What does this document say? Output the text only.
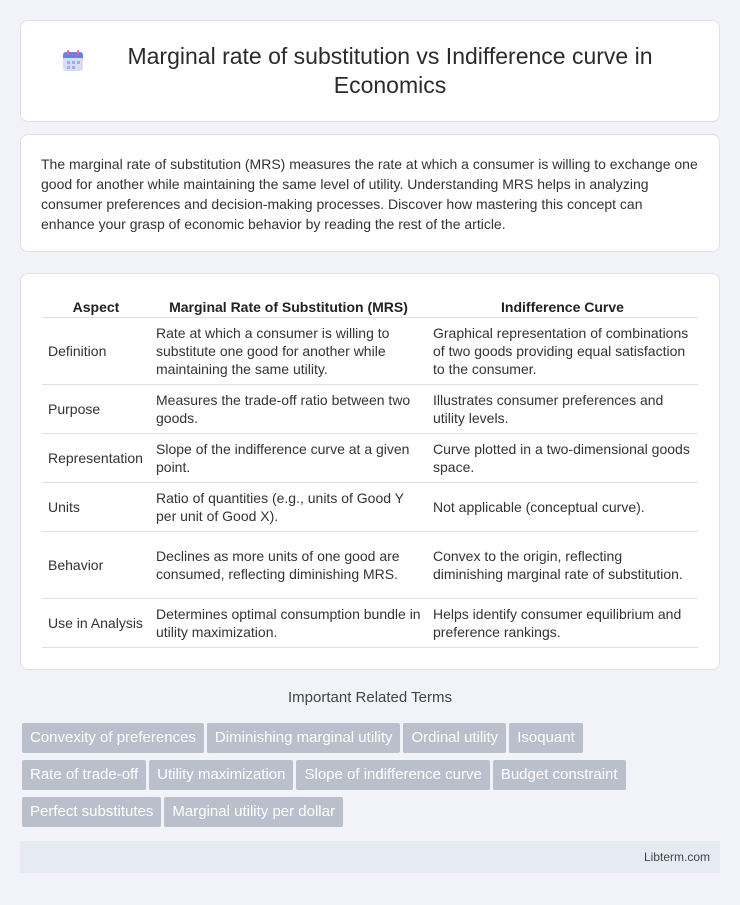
Marginal rate of substitution vs Indifference curve in Economics

The marginal rate of substitution (MRS) measures the rate at which a consumer is willing to exchange one good for another while maintaining the same level of utility. Understanding MRS helps in analyzing consumer preferences and decision-making processes. Discover how mastering this concept can enhance your grasp of economic behavior by reading the rest of the article.

Aspect	Marginal Rate of Substitution (MRS)	Indifference Curve
Definition	Rate at which a consumer is willing to substitute one good for another while maintaining the same utility.	Graphical representation of combinations of two goods providing equal satisfaction to the consumer.
Purpose	Measures the trade-off ratio between two goods.	Illustrates consumer preferences and utility levels.
Representation	Slope of the indifference curve at a given point.	Curve plotted in a two-dimensional goods space.
Units	Ratio of quantities (e.g., units of Good Y per unit of Good X).	Not applicable (conceptual curve).
Behavior	Declines as more units of one good are consumed, reflecting diminishing MRS.	Convex to the origin, reflecting diminishing marginal rate of substitution.
Use in Analysis	Determines optimal consumption bundle in utility maximization.	Helps identify consumer equilibrium and preference rankings.
Important Related Terms
Convexity of preferences Diminishing marginal utility Ordinal utility Isoquant
Rate of trade-off Utility maximization Slope of indifference curve Budget constraint
Perfect substitutes Marginal utility per dollar
Libterm.com
